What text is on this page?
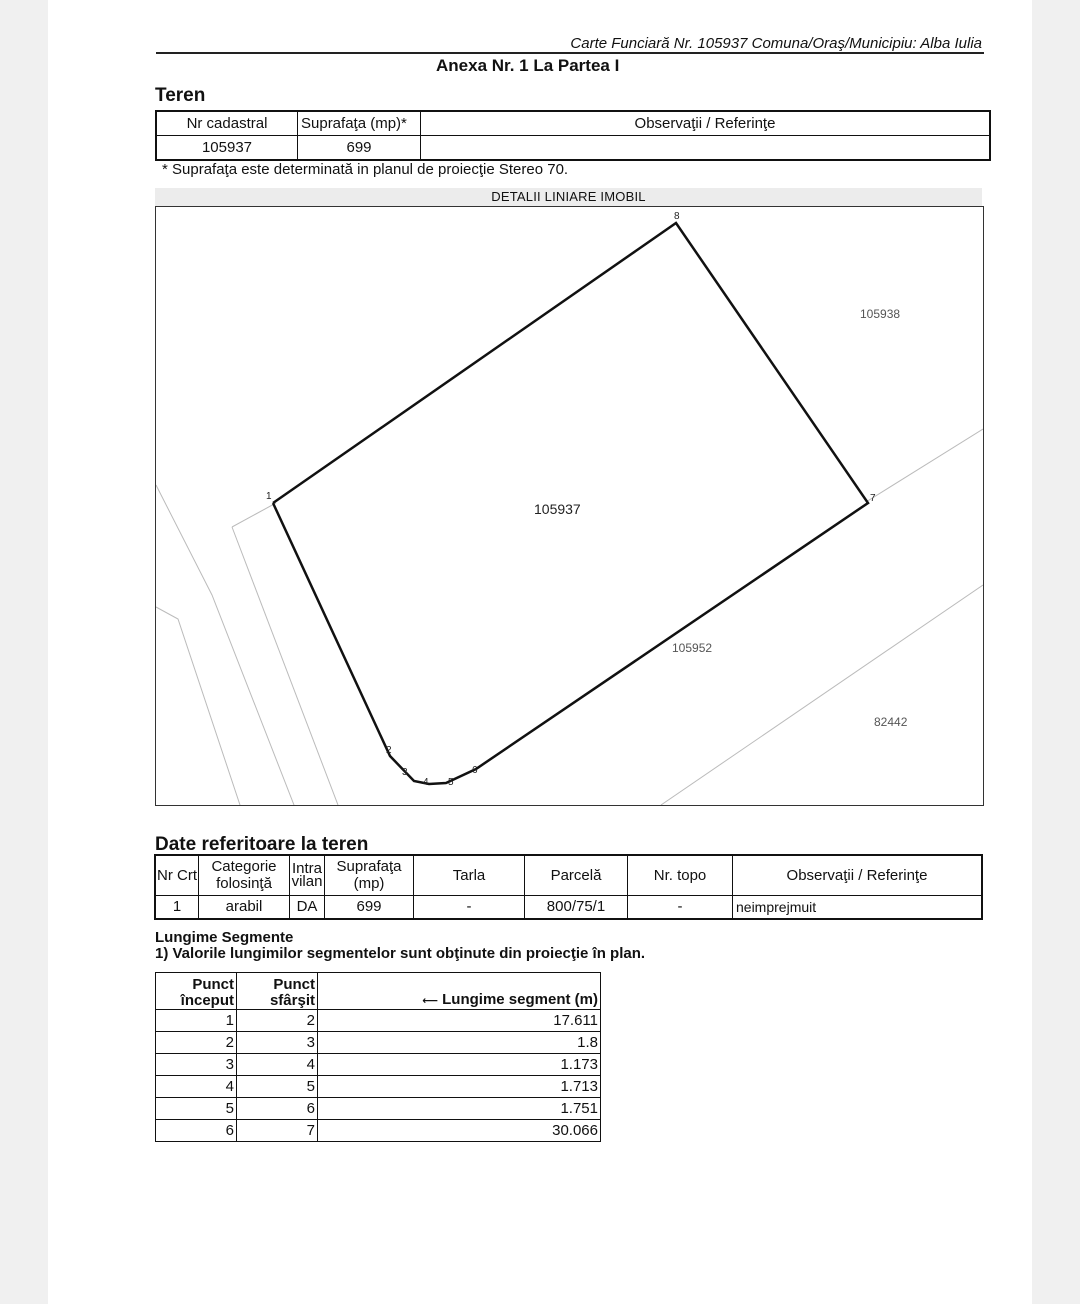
Carte Funciară Nr. 105937 Comuna/Oraş/Municipiu: Alba Iulia
Anexa Nr. 1 La Partea I
Teren
Nr cadastral	Suprafaţa (mp)*	Observaţii / Referinţe
105937	699	
* Suprafaţa este determinată in planul de proiecţie Stereo 70.
DETALII LINIARE IMOBIL
1
2
3
4 5
6
7
8
105937
105938
105952
82442
Date referitoare la teren
Nr Crt	Categorie folosinţă	Intra vilan	Suprafaţa (mp)	Tarla	Parcelă	Nr. topo	Observaţii / Referinţe
1	arabil	DA	699	-	800/75/1	-	neimprejmuit
Lungime Segmente
1) Valorile lungimilor segmentelor sunt obţinute din proiecţie în plan.
Punct început	Punct sfârşit	⟵ Lungime segment (m)
1	2	17.611
2	3	1.8
3	4	1.173
4	5	1.713
5	6	1.751
6	7	30.066
